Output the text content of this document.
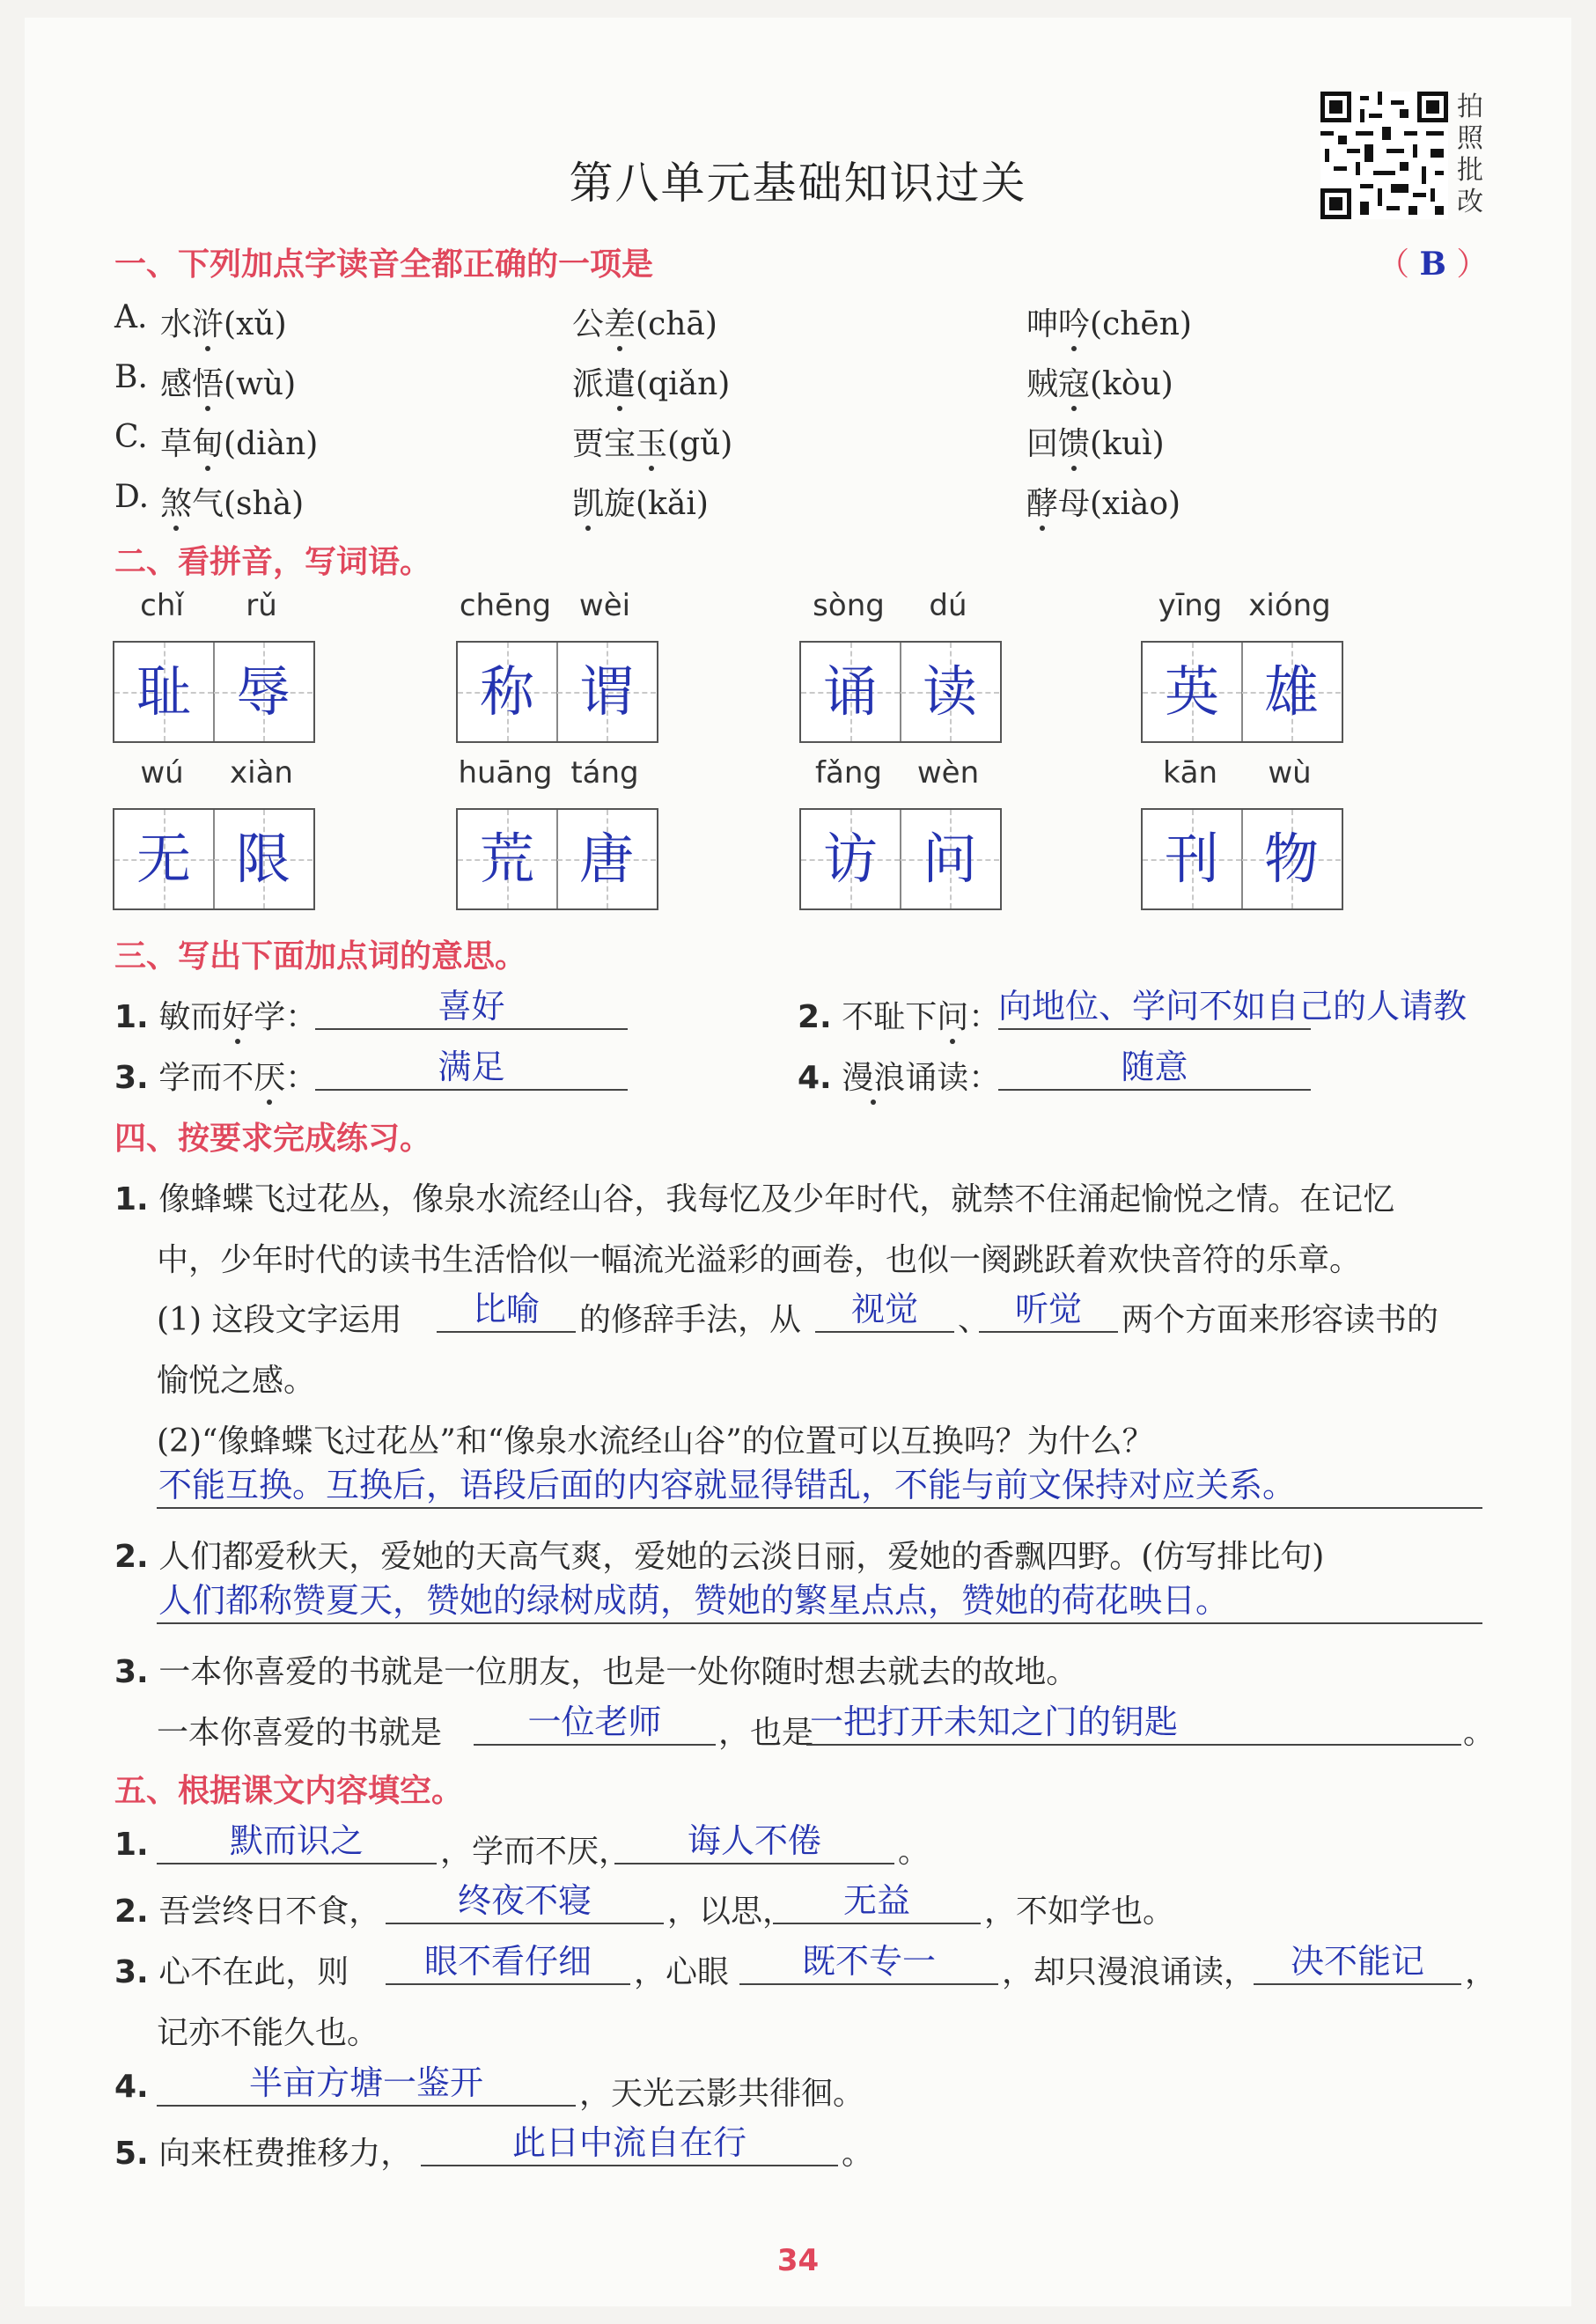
拍照批改
第八单元基础知识过关
一、下列加点字读音全都正确的一项是	（ B ）
A. 水浒(xǔ)	公差(chā)	呻吟(chēn)
B. 感悟(wù)	派遣(qiǎn)	贼寇(kòu)
C. 草甸(diàn)	贾宝玉(gǔ)	回馈(kuì)
D. 煞气(shà)	凯旋(kǎi)	酵母(xiào)
二、看拼音，写词语。
chǐ	rǔ
耻 辱
chēng wèi
称 谓
sòng	dú
诵 读
yīng xióng
英 雄
wú	xiàn
无 限
huāng táng
荒 唐
fǎng	wèn
访 问
kān	wù
刊 物
三、写出下面加点词的意思。
1. 敏而好学：	喜好	2. 不耻下问：
向地位、学问不如自己的人请教
3. 学而不厌：	满足	4. 漫浪诵读：	随意
四、按要求完成练习。
1. 像蜂蝶飞过花丛，像泉水流经山谷，我每忆及少年时代，就禁不住涌起愉悦之情。在记忆
中，少年时代的读书生活恰似一幅流光溢彩的画卷，也似一阕跳跃着欢快音符的乐章。
(1) 这段文字运用	比喻	的修辞手法，从	视觉	、 听觉	两个方面来形容读书的
愉悦之感。
(2)“像蜂蝶飞过花丛”和“像泉水流经山谷”的位置可以互换吗？为什么？
不能互换。互换后，语段后面的内容就显得错乱，不能与前文保持对应关系。
2. 人们都爱秋天，爱她的天高气爽，爱她的云淡日丽，爱她的香飘四野。(仿写排比句)
人们都称赞夏天，赞她的绿树成荫，赞她的繁星点点，赞她的荷花映日。
3. 一本你喜爱的书就是一位朋友，也是一处你随时想去就去的故地。
一本你喜爱的书就是	一位老师	，也是
一把打开未知之门的钥匙	。
五、根据课文内容填空。
1.	默而识之	，学而不厌，	诲人不倦	。
2. 吾尝终日不食，	终夜不寝	，以思，	无益	，不如学也。
3. 心不在此，则	眼不看仔细	，心眼	既不专一	，却只漫浪诵读，	决不能记	，
记亦不能久也。
4.	半亩方塘一鉴开	，天光云影共徘徊。
5. 向来枉费推移力，	此日中流自在行	。
34
